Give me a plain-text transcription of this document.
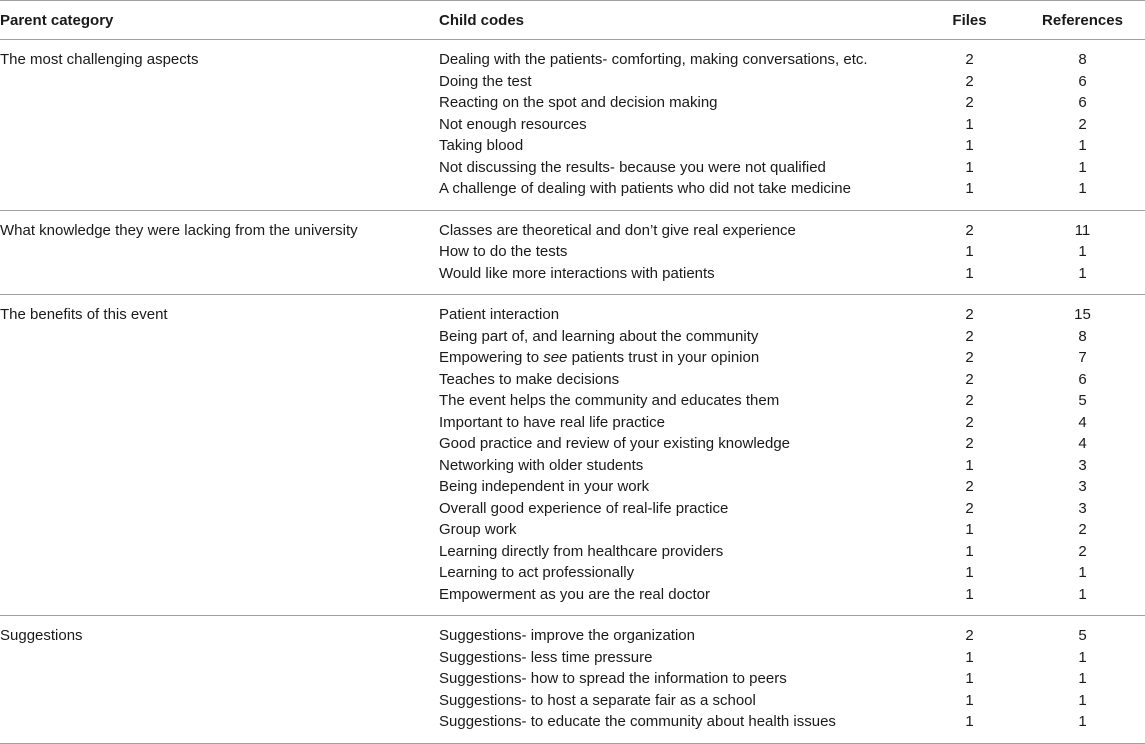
Parent category	Child codes	Files	References
The most challenging aspects	Dealing with the patients- comforting, making conversations, etc.	2	8
	Doing the test	2	6
	Reacting on the spot and decision making	2	6
	Not enough resources	1	2
	Taking blood	1	1
	Not discussing the results- because you were not qualified	1	1
	A challenge of dealing with patients who did not take medicine	1	1
What knowledge they were lacking from the university	Classes are theoretical and don’t give real experience	2	11
	How to do the tests	1	1
	Would like more interactions with patients	1	1
The benefits of this event	Patient interaction	2	15
	Being part of, and learning about the community	2	8
	Empowering to see patients trust in your opinion	2	7
	Teaches to make decisions	2	6
	The event helps the community and educates them	2	5
	Important to have real life practice	2	4
	Good practice and review of your existing knowledge	2	4
	Networking with older students	1	3
	Being independent in your work	2	3
	Overall good experience of real-life practice	2	3
	Group work	1	2
	Learning directly from healthcare providers	1	2
	Learning to act professionally	1	1
	Empowerment as you are the real doctor	1	1
Suggestions	Suggestions- improve the organization	2	5
	Suggestions- less time pressure	1	1
	Suggestions- how to spread the information to peers	1	1
	Suggestions- to host a separate fair as a school	1	1
	Suggestions- to educate the community about health issues	1	1
